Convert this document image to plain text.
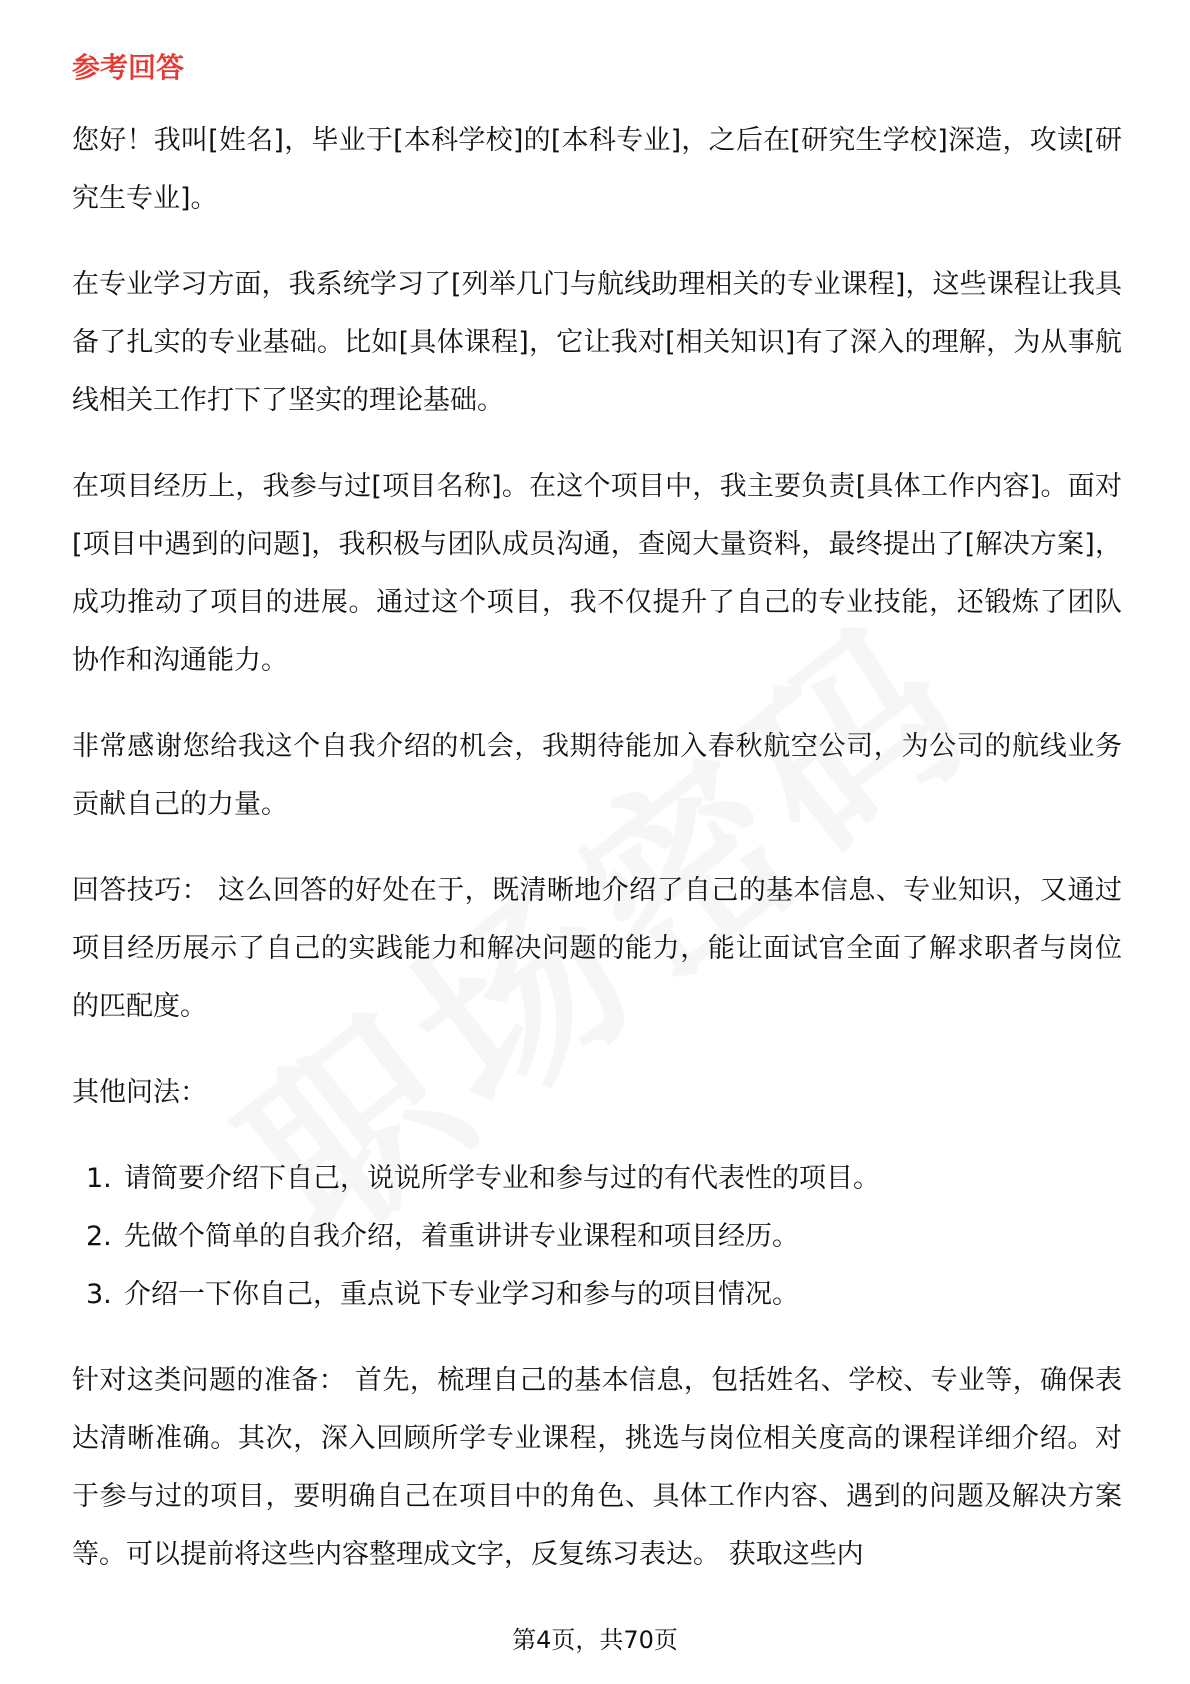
参考回答

您好！我叫[姓名]，毕业于[本科学校]的[本科专业]，之后在[研究生学校]深造，攻读[研究生专业]。

在专业学习方面，我系统学习了[列举几门与航线助理相关的专业课程]，这些课程让我具备了扎实的专业基础。比如[具体课程]，它让我对[相关知识]有了深入的理解，为从事航线相关工作打下了坚实的理论基础。

在项目经历上，我参与过[项目名称]。在这个项目中，我主要负责[具体工作内容]。面对[项目中遇到的问题]，我积极与团队成员沟通，查阅大量资料，最终提出了[解决方案]，成功推动了项目的进展。通过这个项目，我不仅提升了自己的专业技能，还锻炼了团队协作和沟通能力。

非常感谢您给我这个自我介绍的机会，我期待能加入春秋航空公司，为公司的航线业务贡献自己的力量。

回答技巧： 这么回答的好处在于，既清晰地介绍了自己的基本信息、专业知识，又通过项目经历展示了自己的实践能力和解决问题的能力，能让面试官全面了解求职者与岗位的匹配度。

其他问法：

1. 请简要介绍下自己，说说所学专业和参与过的有代表性的项目。
2. 先做个简单的自我介绍，着重讲讲专业课程和项目经历。
3. 介绍一下你自己，重点说下专业学习和参与的项目情况。

针对这类问题的准备： 首先，梳理自己的基本信息，包括姓名、学校、专业等，确保表达清晰准确。其次，深入回顾所学专业课程，挑选与岗位相关度高的课程详细介绍。对于参与过的项目，要明确自己在项目中的角色、具体工作内容、遇到的问题及解决方案等。可以提前将这些内容整理成文字，反复练习表达。 获取这些内

第4页，共70页
